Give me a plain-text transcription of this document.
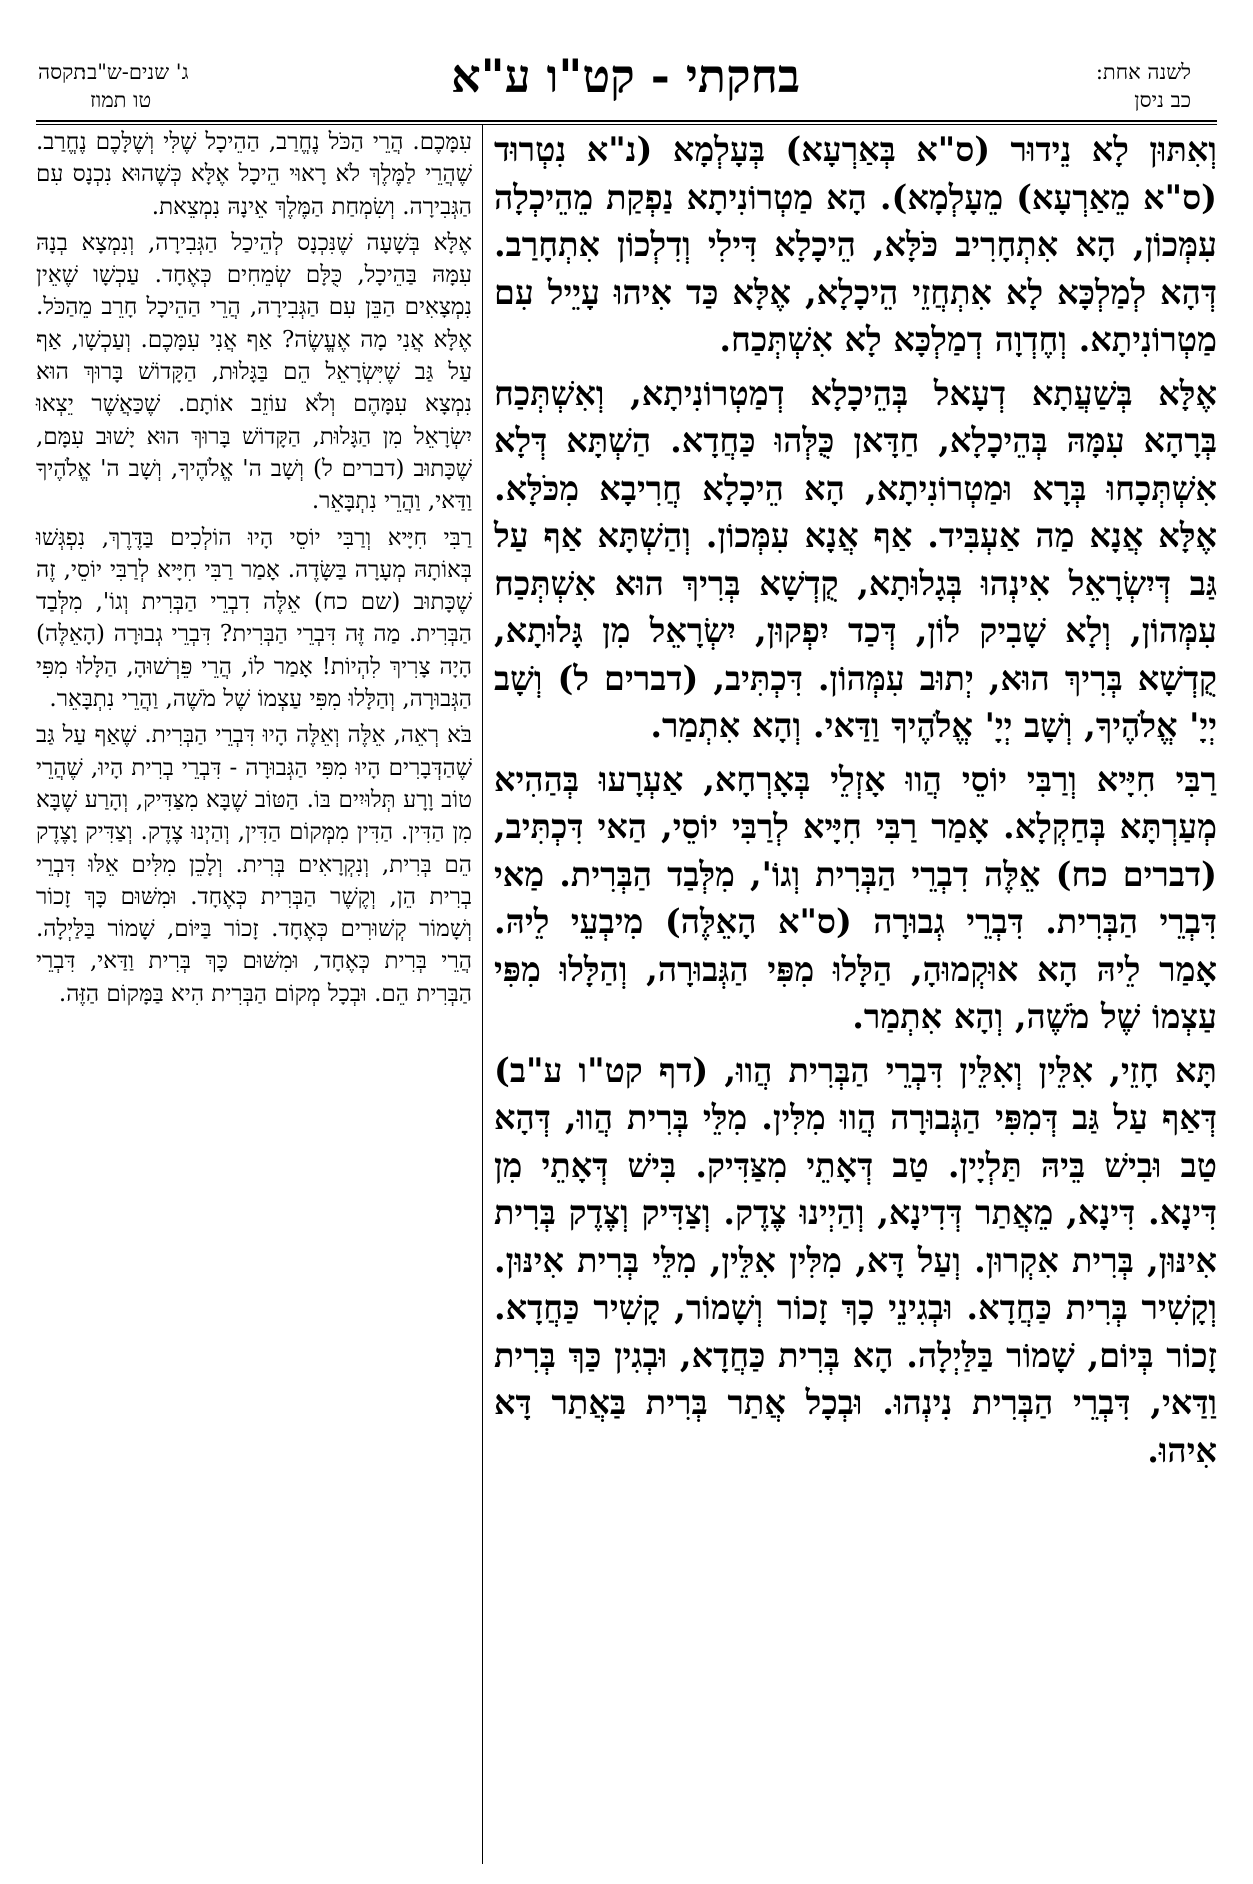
לשנה אחת:
כב ניסן
בחקתי - קט"ו ע"א
ג' שנים-ש"ב:
תקסה
טו תמוז

וְאִתּוּן לָא נֵידוּר (ס"א בְּאַרְעָא) בְּעָלְמָא (נ"א נִטְרוּד (ס"א מֵאַרְעָא) מֵעָלְמָא). הָא מַטְרוֹנִיתָא נַפְקַת מֵהֵיכְלָה עִמְּכוֹן, הָא אִתְחָרִיב כֹּלָּא, הֵיכָלָא דִּילִי וְדִלְכוֹן אִתְחָרַב. דְּהָא לְמַלְכָּא לָא אִתְחֲזֵי הֵיכָלָא, אֶלָּא כַּד אִיהוּ עָיֵיל עִם מַטְרוֹנִיתָא. וְחֶדְוָה דְמַלְכָּא לָא אִשְׁתְּכַח.

אֶלָּא בְּשַׁעֲתָא דְעָאל בְּהֵיכָלָא דְמַטְרוֹנִיתָא, וְאִשְׁתְּכַח בְּרָהָא עִמָּהּ בְּהֵיכָלָא, חַדָּאן כֻּלְּהוּ כַּחֲדָא. הַשְׁתָּא דְּלָא אִשְׁתְּכָחוּ בְּרָא וּמַטְרוֹנִיתָא, הָא הֵיכָלָא חֲרִיבָא מִכֹּלָּא. אֶלָּא אֲנָא מַה אַעְבִּיד. אַף אֲנָא עִמְּכוֹן. וְהַשְׁתָּא אַף עַל גַּב דְּיִשְׂרָאֵל אִינְהוּ בְּגָלוּתָא, קֻדְשָׁא בְּרִיךְ הוּא אִשְׁתְּכַח עִמְּהוֹן, וְלָא שָׁבִיק לוֹן, דְּכַד יִפְקוּן, יִשְׂרָאֵל מִן גָּלוּתָא, קֻדְשָׁא בְּרִיךְ הוּא, יְתוּב עִמְּהוֹן. דִּכְתִּיב, (דברים ל) וְשָׁב יְיָ' אֱלֹהֶיךָ, וְשָׁב יְיָ' אֱלֹהֶיךָ וַדַּאי. וְהָא אִתְמַר.

רַבִּי חִיָּיא וְרַבִּי יוֹסֵי הֲווּ אָזְלֵי בְּאָרְחָא, אַעְרָעוּ בְּהַהִיא מְעַרְתָּא בְּחַקְלָא. אָמַר רַבִּי חִיָּיא לְרַבִּי יוֹסֵי, הַאי דִּכְתִּיב, (דברים כח) אֵלֶּה דִבְרֵי הַבְּרִית וְגוֹ', מִלְּבַד הַבְּרִית. מַאי דִּבְרֵי הַבְּרִית. דִּבְרֵי גְבוּרָה (ס"א הָאֵלֶּה) מִיבְעֵי לֵיהּ. אָמַר לֵיהּ הָא אוּקְמוּהָ, הַלָּלוּ מִפִּי הַגְּבוּרָה, וְהַלָּלוּ מִפִּי עַצְמוֹ שֶׁל מֹשֶׁה, וְהָא אִתְמַר.

תָּא חָזֵי, אִלֵּין וְאִלֵּין דִּבְרֵי הַבְּרִית הֲווּ, (דף קט"ו ע"ב) דְּאַף עַל גַּב דְּמִפִּי הַגְּבוּרָה הֲווּ מִלִּין. מִלֵּי בְּרִית הֲווּ, דְּהָא טַב וּבִישׁ בֵּיהּ תַּלְיָין. טַב דְּאָתֵי מִצַּדִּיק. בִּישׁ דְּאָתֵי מִן דִּינָא. דִּינָא, מֵאֲתַר דְּדִינָא, וְהַיְינוּ צֶדֶק. וְצַדִּיק וְצֶדֶק בְּרִית אִינּוּן, בְּרִית אִקְרוּן. וְעַל דָּא, מִלִּין אִלֵּין, מִלֵּי בְּרִית אִינּוּן. וְקָשִׁיר בְּרִית כַּחֲדָא. וּבְגִינֵי כָךְ זָכוֹר וְשָׁמוֹר, קָשִׁיר כַּחֲדָא. זָכוֹר בְּיוֹם, שָׁמוֹר בַּלַּיְלָה. הָא בְּרִית כַּחֲדָא, וּבְגִין כַּךְ בְּרִית וַדַּאי, דִּבְרֵי הַבְּרִית נִינְהוּ. וּבְכָל אֲתַר בְּרִית בַּאֲתַר דָּא אִיהוּ.

עִמָּכֶם. הֲרֵי הַכֹּל נֶחֱרַב, הַהֵיכָל שֶׁלִּי וְשֶׁלָּכֶם נֶחֱרַב. שֶׁהֲרֵי לַמֶּלֶךְ לֹא רָאוּי הֵיכָל אֶלָּא כְּשֶׁהוּא נִכְנָס עִם הַגְּבִירָה. וְשִׂמְחַת הַמֶּלֶךְ אֵינָהּ נִמְצֵאת.

אֶלָּא בְּשָׁעָה שֶׁנִּכְנָס לְהֵיכַל הַגְּבִירָה, וְנִמְצָא בְנָהּ עִמָּהּ בַּהֵיכָל, כֻּלָּם שְׂמֵחִים כְּאֶחָד. עַכְשָׁו שֶׁאֵין נִמְצָאִים הַבֵּן עִם הַגְּבִירָה, הֲרֵי הַהֵיכָל חָרֵב מֵהַכֹּל. אֶלָּא אֲנִי מָה אֶעֱשֶׂה? אַף אֲנִי עִמָּכֶם. וְעַכְשָׁו, אַף עַל גַּב שֶׁיִּשְׂרָאֵל הֵם בַּגָּלוּת, הַקָּדוֹשׁ בָּרוּךְ הוּא נִמְצָא עִמָּהֶם וְלֹא עוֹזֵב אוֹתָם. שֶׁכַּאֲשֶׁר יֵצְאוּ יִשְׂרָאֵל מִן הַגָּלוּת, הַקָּדוֹשׁ בָּרוּךְ הוּא יָשׁוּב עִמָּם, שֶׁכָּתוּב (דברים ל) וְשָׁב ה' אֱלֹהֶיךָ, וְשָׁב ה' אֱלֹהֶיךָ וַדַּאי, וַהֲרֵי נִתְבָּאֵר.

רַבִּי חִיָּיא וְרַבִּי יוֹסֵי הָיוּ הוֹלְכִים בַּדֶּרֶךְ, נִפְגְּשׁוּ בְּאוֹתָהּ מְעָרָה בַּשָּׂדֶה. אָמַר רַבִּי חִיָּיא לְרַבִּי יוֹסֵי, זֶה שֶׁכָּתוּב (שם כח) אֵלֶּה דִבְרֵי הַבְּרִית וְגוֹ', מִלְּבַד הַבְּרִית. מַה זֶּה דִּבְרֵי הַבְּרִית? דִּבְרֵי גְבוּרָה (הָאֵלֶּה) הָיָה צָרִיךְ לִהְיוֹת! אָמַר לוֹ, הֲרֵי פֵּרְשׁוּהָ, הַלָּלוּ מִפִּי הַגְּבוּרָה, וְהַלָּלוּ מִפִּי עַצְמוֹ שֶׁל מֹשֶׁה, וַהֲרֵי נִתְבָּאֵר.

בֹּא רְאֵה, אֵלֶּה וְאֵלֶּה הָיוּ דִּבְרֵי הַבְּרִית. שֶׁאַף עַל גַּב שֶׁהַדְּבָרִים הָיוּ מִפִּי הַגְּבוּרָה - דִּבְרֵי בְרִית הָיוּ, שֶׁהֲרֵי טוֹב וָרָע תְּלוּיִים בּוֹ. הַטּוֹב שֶׁבָּא מִצַּדִּיק, וְהָרַע שֶׁבָּא מִן הַדִּין. הַדִּין מִמְּקוֹם הַדִּין, וְהַיְנוּ צֶדֶק. וְצַדִּיק וָצֶדֶק הֵם בְּרִית, וְנִקְרָאִים בְּרִית. וְלָכֵן מִלִּים אֵלּוּ דִּבְרֵי בְרִית הֵן, וְקֶשֶׁר הַבְּרִית כְּאֶחָד. וּמִשּׁוּם כָּךְ זָכוֹר וְשָׁמוֹר קְשׁוּרִים כְּאֶחָד. זָכוֹר בַּיּוֹם, שָׁמוֹר בַּלַּיְלָה. הֲרֵי בְּרִית כְּאֶחָד, וּמִשּׁוּם כָּךְ בְּרִית וַדַּאי, דִּבְרֵי הַבְּרִית הֵם. וּבְכָל מְקוֹם הַבְּרִית הִיא בַּמָּקוֹם הַזֶּה.
